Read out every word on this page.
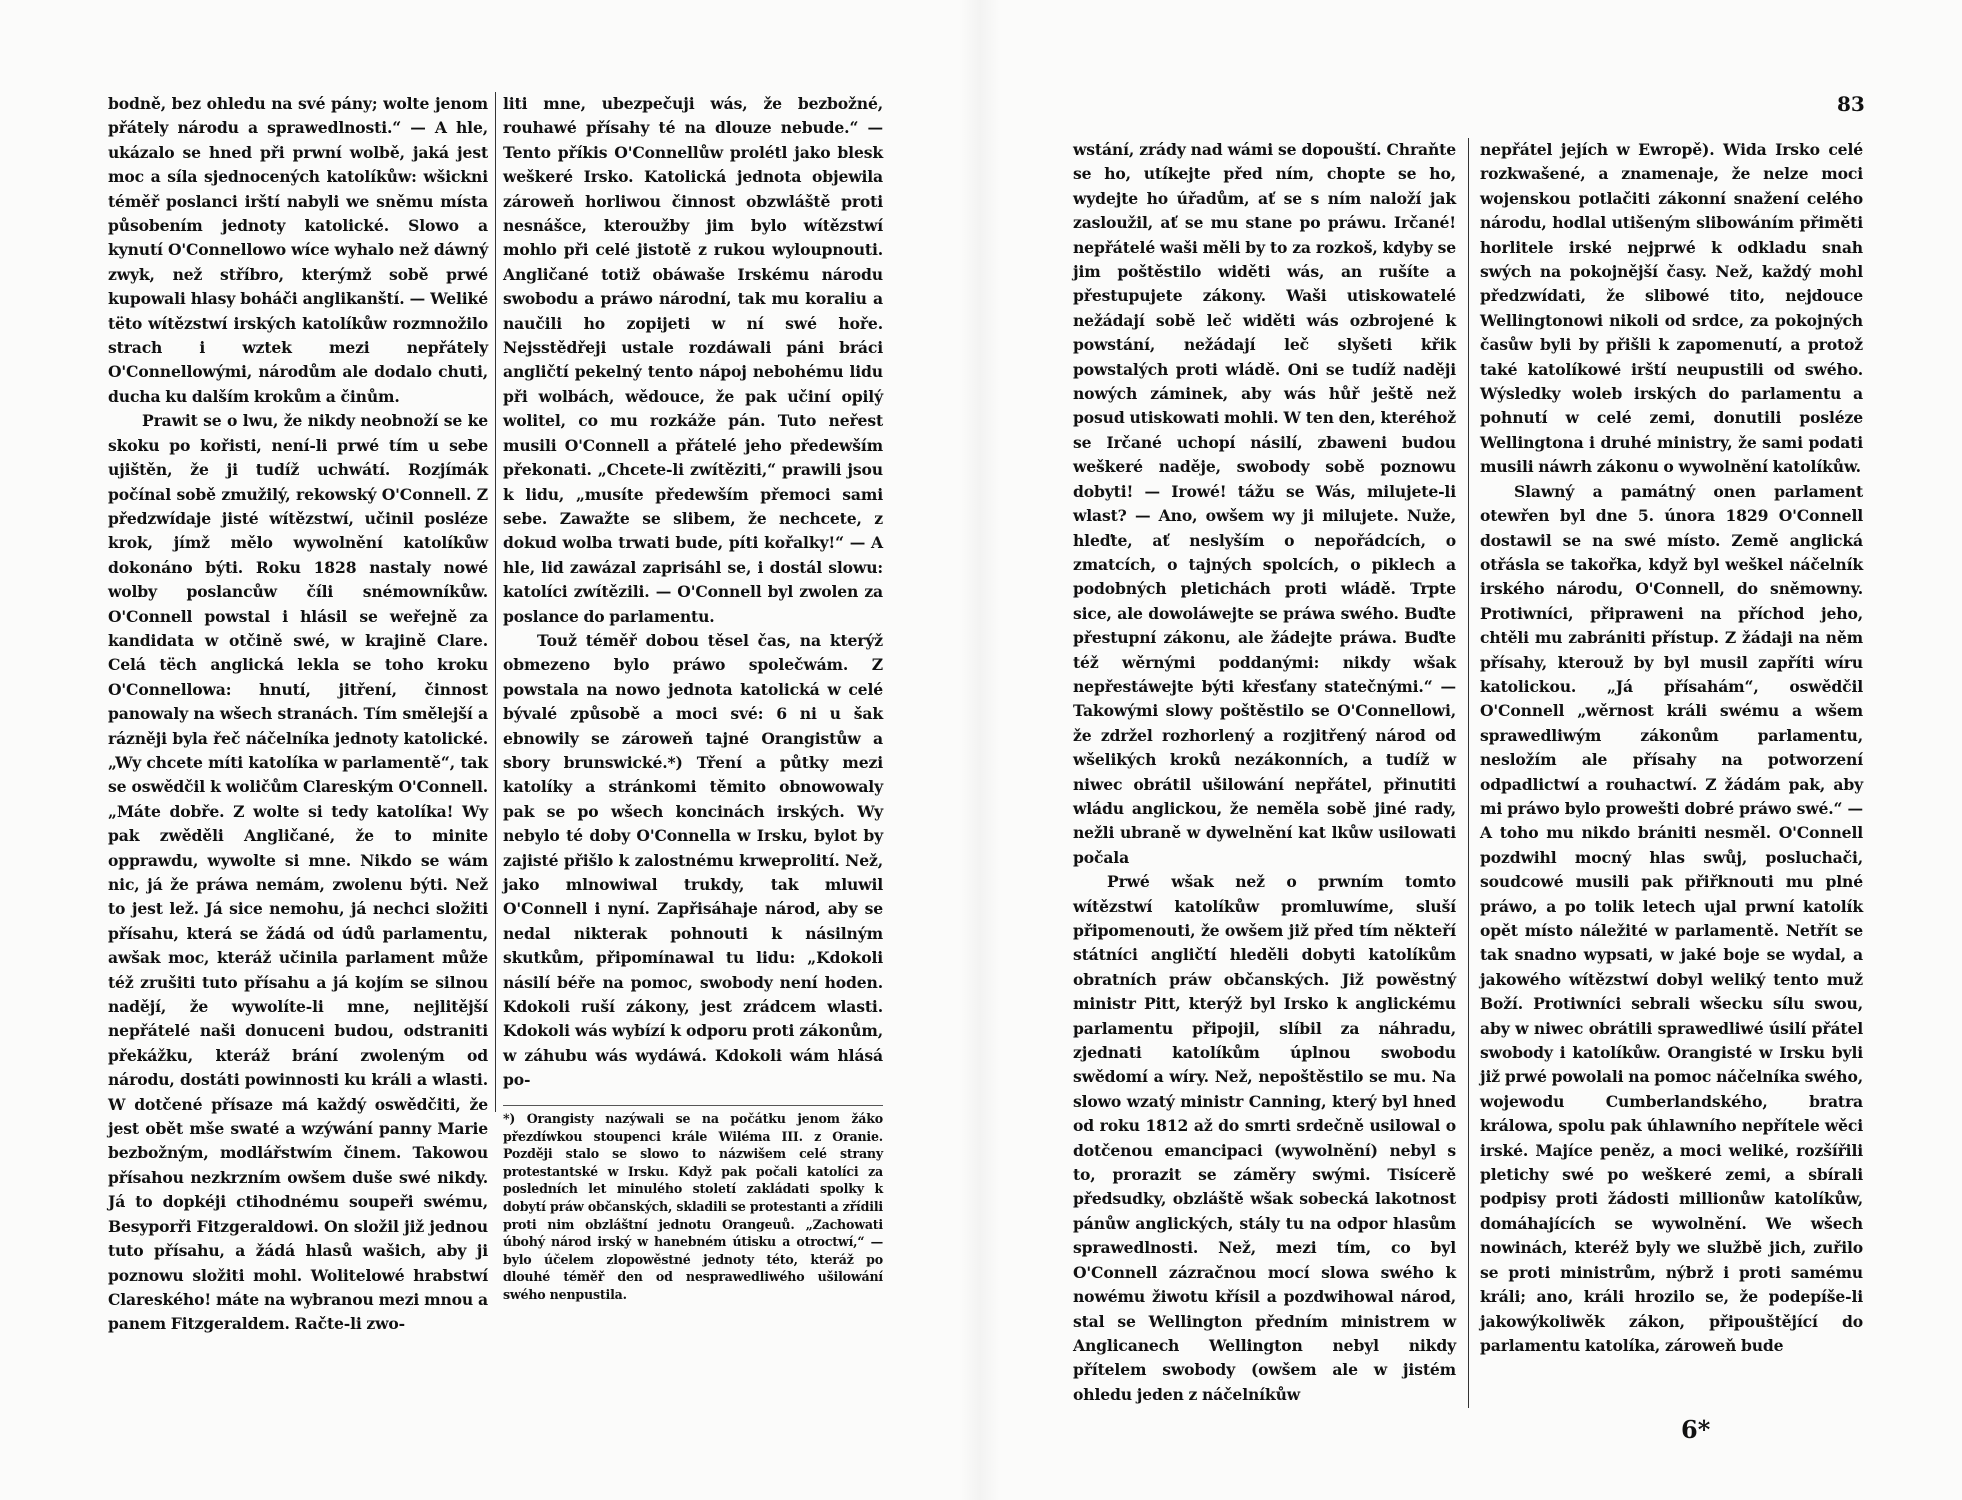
bodně, bez ohledu na své pány; wolte jenom přátely národu a sprawedlnosti.“ — A hle, ukázalo se hned při prwní wolbě, jaká jest moc a síla sjednocených katolíkůw: wšickni téměř poslanci irští nabyli we sněmu místa působením jednoty katolické. Slowo a kynutí O'Connellowo wíce wyhalo než dáwný zwyk, než stříbro, kterýmž sobě prwé kupowali hlasy boháči anglikanští. — Weliké tëto wítězstwí irských katolíkůw rozmnožilo strach i wztek mezi nepřátely O'Connellowými, národům ale dodalo chuti, ducha ku dalším krokům a činům.

Prawit se o lwu, že nikdy neobnoží se ke skoku po kořisti, není-li prwé tím u sebe ujištěn, že ji tudíž uchwátí. Rozjímák počínal sobě zmužilý, rekowský O'Connell. Z předzwídaje jisté wítězstwí, učinil posléze krok, jímž mělo wywolnění katolíkůw dokonáno býti. Roku 1828 nastaly nowé wolby poslancůw číli snémowníkůw. O'Connell powstal i hlásil se weřejně za kandidata w otčině swé, w krajině Clare. Celá tëch anglická lekla se toho kroku O'Connellowa: hnutí, jitření, činnost panowaly na wšech stranách. Tím smělejší a rázněji byla řeč náčelníka jednoty katolické. „Wy chcete míti katolíka w parlamentě“, tak se oswědčil k woličům Clareským O'Connell. „Máte dobře. Z wolte si tedy katolíka! Wy pak zwěděli Angličané, že to minite opprawdu, wywolte si mne. Nikdo se wám nic, já že práwa nemám, zwolenu býti. Než to jest lež. Já sice nemohu, já nechci složiti přísahu, která se žádá od údů parlamentu, awšak moc, kteráž učinila parlament může též zrušiti tuto přísahu a já kojím se silnou nadějí, že wywolíte-li mne, nejlitější nepřátelé naši donuceni budou, odstraniti překážku, kteráž brání zwoleným od národu, dostáti powinnosti ku králi a wlasti. W dotčené přísaze má každý oswědčiti, že jest obět mše swaté a wzýwání panny Marie bezbožným, modlářstwím činem. Takowou přísahou nezkrzním owšem duše swé nikdy. Já to dopkéji ctihodnému soupeři swému, Besyporři Fitzgeraldowi. On složil již jednou tuto přísahu, a žádá hlasů wašich, aby ji poznowu složiti mohl. Wolitelowé hrabstwí Clareského! máte na wybranou mezi mnou a panem Fitzgeraldem. Račte-li zwo-

liti mne, ubezpečuji wás, že bezbožné, rouhawé přísahy té na dlouze nebude.“ — Tento příkis O'Connellůw prolétl jako blesk weškeré Irsko. Katolická jednota objewila zároweň horliwou činnost obzwláště proti nesnášce, kteroužby jim bylo wítězstwí mohlo při celé jistotě z rukou wyloupnouti. Angličané totiž obáwaše Irskému národu swobodu a práwo národní, tak mu koraliu a naučili ho zopijeti w ní swé hoře. Nejsstědřeji ustale rozdáwali páni bráci angličtí pekelný tento nápoj nebohému lidu při wolbách, wědouce, že pak učiní opilý wolitel, co mu rozkáže pán. Tuto neřest musili O'Connell a přátelé jeho předewším překonati. „Chcete-li zwítěziti,“ prawili jsou k lidu, „musíte předewším přemoci sami sebe. Zawažte se slibem, že nechcete, z dokud wolba trwati bude, píti kořalky!“ — A hle, lid zawázal zaprisáhl se, i dostál slowu: katolíci zwítězili. — O'Connell byl zwolen za poslance do parlamentu.

Touž téměř dobou těsel čas, na kterýž obmezeno bylo práwo společwám. Z powstala na nowo jednota katolická w celé bývalé způsobě a moci své: 6 ni u šak ebnowily se zároweň tajné Orangistůw a sbory brunswické.*) Tření a půtky mezi katolíky a stránkomi těmito obnowowaly pak se po wšech koncinách irských. Wy nebylo té doby O'Connella w Irsku, bylot by zajisté přišlo k zalostnému krweprolití. Než, jako mlnowiwal trukdy, tak mluwil O'Connell i nyní. Zapřisáhaje národ, aby se nedal nikterak pohnouti k násilným skutkům, připomínawal tu lidu: „Kdokoli násilí béře na pomoc, swobody není hoden. Kdokoli ruší zákony, jest zrádcem wlasti. Kdokoli wás wybízí k odporu proti zákonům, w záhubu wás wydáwá. Kdokoli wám hlásá po-

*) Orangisty nazýwali se na počátku jenom žáko přezdíwkou stoupenci krále Wiléma III. z Oranie. Později stalo se slowo to názwišem celé strany protestantské w Irsku. Když pak počali katolíci za posledních let minulého století zakládati spolky k dobytí práw občanských, skladili se protestanti a zřídili proti nim obzláštní jednotu Orangeuů. „Zachowati úbohý národ irský w hanebném útisku a otroctwí,“ — bylo účelem zlopowěstné jednoty této, kteráž po dlouhé téměř den od nesprawedliwého ušilowání swého nenpustila.

83

wstání, zrády nad wámi se dopouští. Chraňte se ho, utíkejte před ním, chopte se ho, wydejte ho úřadům, ať se s ním naloží jak zasloužil, ať se mu stane po práwu. Irčané! nepřátelé waši měli by to za rozkoš, kdyby se jim poštěstilo widěti wás, an rušíte a přestupujete zákony. Waši utiskowatelé nežádají sobě leč widěti wás ozbrojené k powstání, nežádají leč slyšeti křik powstalých proti wládě. Oni se tudíž naději nowých záminek, aby wás hůř ještě než posud utiskowati mohli. W ten den, kteréhož se Irčané uchopí násilí, zbaweni budou weškeré naděje, swobody sobě poznowu dobyti! — Irowé! tážu se Wás, milujete-li wlast? — Ano, owšem wy ji milujete. Nuže, hleďte, ať neslyším o nepořádcích, o zmatcích, o tajných spolcích, o piklech a podobných pletichách proti wládě. Trpte sice, ale dowoláwejte se práwa swého. Buďte přestupní zákonu, ale žádejte práwa. Buďte též wěrnými poddanými: nikdy wšak nepřestáwejte býti křesťany statečnými.“ — Takowými slowy poštěstilo se O'Connellowi, že zdržel rozhorlený a rozjitřený národ od wšelikých kroků nezákonních, a tudíž w niwec obrátil ušilowání nepřátel, přinutiti wládu anglickou, že neměla sobě jiné rady, nežli ubraně w dywelnění kat lkůw usilowati počala

Prwé wšak než o prwním tomto wítězstwí katolíkůw promluwíme, sluší připomenouti, že owšem již před tím někteří státníci angličtí hleděli dobyti katolíkům obratních práw občanských. Již powěstný ministr Pitt, kterýž byl Irsko k anglickému parlamentu připojil, slíbil za náhradu, zjednati katolíkům úplnou swobodu swědomí a wíry. Než, nepoštěstilo se mu. Na slowo wzatý ministr Canning, který byl hned od roku 1812 až do smrti srdečně usilowal o dotčenou emancipaci (wywolnění) nebyl s to, prorazit se záměry swými. Tisícerě předsudky, obzláště wšak sobecká lakotnost pánůw anglických, stály tu na odpor hlasům sprawedlnosti. Než, mezi tím, co byl O'Connell zázračnou mocí slowa swého k nowému žiwotu křísil a pozdwihowal národ, stal se Wellington předním ministrem w Anglicanech Wellington nebyl nikdy přítelem swobody (owšem ale w jistém ohledu jeden z náčelníkůw

nepřátel jejích w Ewropě). Wida Irsko celé rozkwašené, a znamenaje, že nelze moci wojenskou potlačiti zákonní snažení celého národu, hodlal utišeným slibowáním přiměti horlitele irské nejprwé k odkladu snah swých na pokojnější časy. Než, každý mohl předzwídati, že slibowé tito, nejdouce Wellingtonowi nikoli od srdce, za pokojných časůw byli by přišli k zapomenutí, a protož také katolíkowé irští neupustili od swého. Wýsledky woleb irských do parlamentu a pohnutí w celé zemi, donutili posléze Wellingtona i druhé ministry, že sami podati musili náwrh zákonu o wywolnění katolíkůw.

Slawný a památný onen parlament otewřen byl dne 5. února 1829 O'Connell dostawil se na swé místo. Země anglická otřásla se takořka, když byl weškel náčelník irského národu, O'Connell, do sněmowny. Protiwníci, připraweni na příchod jeho, chtěli mu zabrániti přístup. Z žádaji na něm přísahy, kterouž by byl musil zapříti wíru katolickou. „Já přísahám“, oswědčil O'Connell „wěrnost králi swému a wšem sprawedliwým zákonům parlamentu, nesložím ale přísahy na potworzení odpadlictwí a rouhactwí. Z žádám pak, aby mi práwo bylo prowešti dobré práwo swé.“ — A toho mu nikdo brániti nesměl. O'Connell pozdwihl mocný hlas swůj, posluchači, soudcowé musili pak přiřknouti mu plné práwo, a po tolik letech ujal prwní katolík opět místo náležité w parlamentě. Netřít se tak snadno wypsati, w jaké boje se wydal, a jakowého wítězstwí dobyl weliký tento muž Boží. Protiwníci sebrali wšecku sílu swou, aby w niwec obrátili sprawedliwé úsilí přátel swobody i katolíkůw. Orangisté w Irsku byli již prwé powolali na pomoc náčelníka swého, wojewodu Cumberlandského, bratra králowa, spolu pak úhlawního nepřítele wěci irské. Majíce peněz, a moci weliké, rozšířili pletichy swé po weškeré zemi, a sbírali podpisy proti žádosti millionůw katolíkůw, domáhajících se wywolnění. We wšech nowinách, kteréž byly we službě jich, zuřilo se proti ministrům, nýbrž i proti samému králi; ano, králi hrozilo se, že podepíše-li jakowýkoliwěk zákon, připouštějící do parlamentu katolíka, zároweň bude

6*
